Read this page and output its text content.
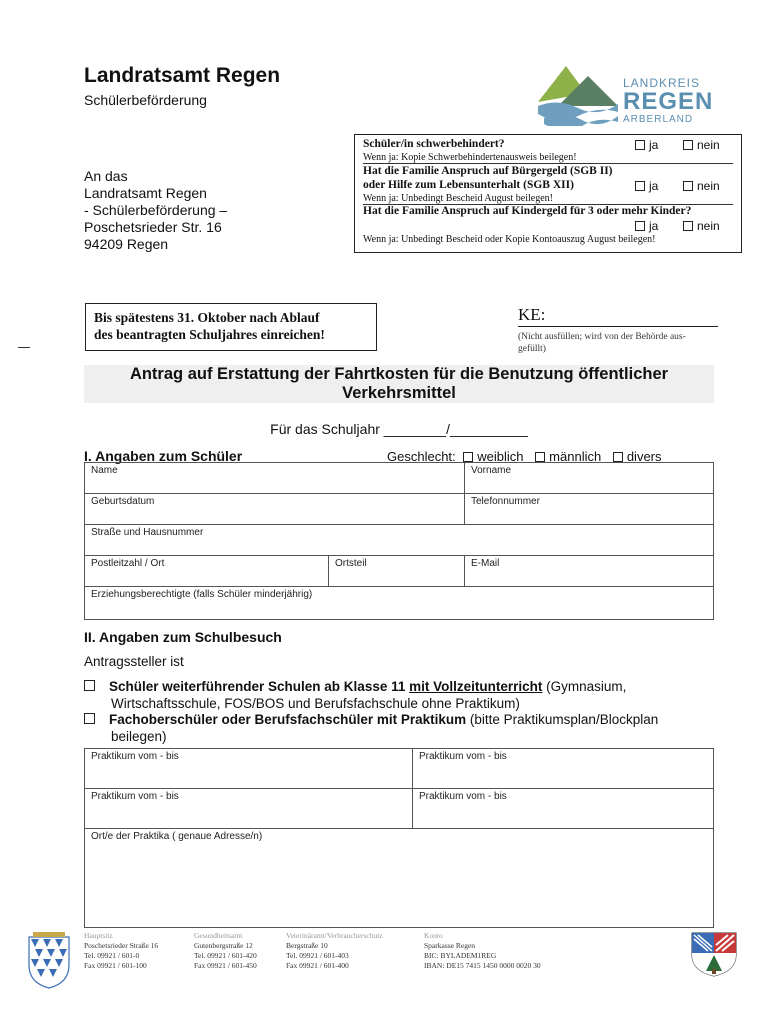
Landratsamt Regen
Schülerbeförderung
LANDKREIS
REGEN
ARBERLAND
An das
Landratsamt Regen
- Schülerbeförderung –
Poschetsrieder Str. 16
94209 Regen
Schüler/in schwerbehindert?	ja	nein
Wenn ja: Kopie Schwerbehindertenausweis beilegen!
Hat die Familie Anspruch auf Bürgergeld (SGB II)
oder Hilfe zum Lebensunterhalt (SGB XII)	ja	nein
Wenn ja: Unbedingt Bescheid August beilegen!
Hat die Familie Anspruch auf Kindergeld für 3 oder mehr Kinder?
ja	nein
Wenn ja: Unbedingt Bescheid oder Kopie Kontoauszug August beilegen!
Bis spätestens 31. Oktober nach Ablauf
des beantragten Schuljahres einreichen!
KE:
(Nicht ausfüllen; wird von der Behörde aus-
gefüllt)
Antrag auf Erstattung der Fahrtkosten für die Benutzung öffentlicher
Verkehrsmittel
Für das Schuljahr ________/__________
I. Angaben zum Schüler	Geschlecht: weiblich männlich divers
Name	Vorname
Geburtsdatum	Telefonnummer
Straße und Hausnummer
Postleitzahl / Ort	Ortsteil	E-Mail
Erziehungsberechtigte (falls Schüler minderjährig)
II. Angaben zum Schulbesuch
Antragssteller ist
Schüler weiterführender Schulen ab Klasse 11 mit Vollzeitunterricht (Gymnasium,
Wirtschaftsschule, FOS/BOS und Berufsfachschule ohne Praktikum)
Fachoberschüler oder Berufsfachschüler mit Praktikum (bitte Praktikumsplan/Blockplan
beilegen)
Praktikum vom - bis	Praktikum vom - bis
Praktikum vom - bis	Praktikum vom - bis
Ort/e der Praktika ( genaue Adresse/n)
Hauptsitz
Poschetsrieder Straße 16
Tel. 09921 / 601-0
Fax 09921 / 601-100
Gesundheitsamt
Gutenbergstraße 12
Tel. 09921 / 601-420
Fax 09921 / 601-450
Veterinäramt/Verbraucherschutz
Bergstraße 10
Tel. 09921 / 601-403
Fax 09921 / 601-400
Konto
Sparkasse Regen
BIC: BYLADEM1REG
IBAN: DE15 7415 1450 0000 0020 30
